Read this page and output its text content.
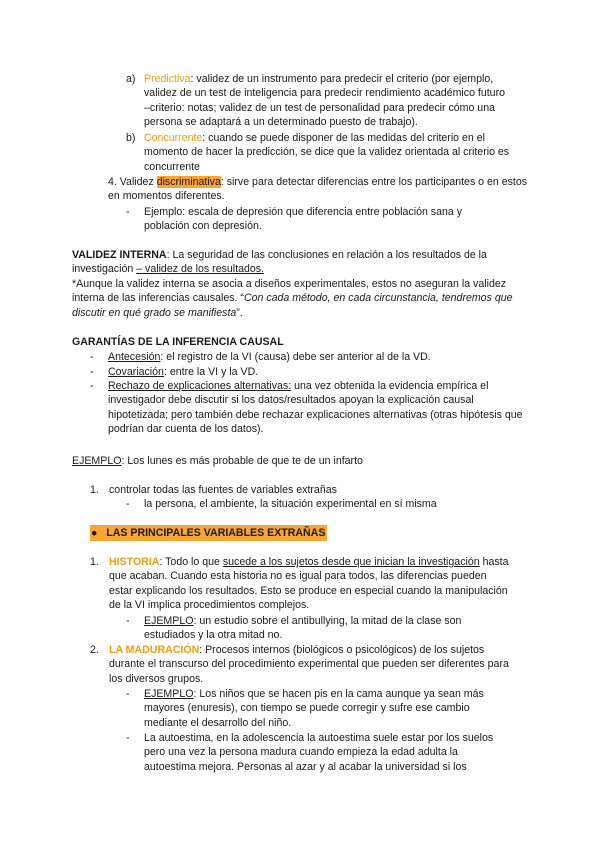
a) Predictiva: validez de un instrumento para predecir el criterio (por ejemplo, validez de un test de inteligencia para predecir rendimiento académico futuro –criterio: notas; validez de un test de personalidad para predecir cómo una persona se adaptará a un determinado puesto de trabajo).
b) Concurrente: cuando se puede disponer de las medidas del criterio en el momento de hacer la predicción, se dice que la validez orientada al criterio es concurrente
4. Validez discriminativa: sirve para detectar diferencias entre los participantes o en estos en momentos diferentes.
-	Ejemplo: escala de depresión que diferencia entre población sana y población con depresión.
VALIDEZ INTERNA: La seguridad de las conclusiones en relación a los resultados de la investigación – validez de los resultados.
*Aunque la validez interna se asocia a diseños experimentales, estos no aseguran la validez interna de las inferencias causales. “Con cada método, en cada circunstancia, tendremos que discutir en qué grado se manifiesta”.
GARANTÍAS DE LA INFERENCIA CAUSAL
-	Antecesión: el registro de la VI (causa) debe ser anterior al de la VD.
-	Covariación: entre la VI y la VD.
-	Rechazo de explicaciones alternativas: una vez obtenida la evidencia empírica el investigador debe discutir si los datos/resultados apoyan la explicación causal hipotetizada; pero también debe rechazar explicaciones alternativas (otras hipótesis que podrían dar cuenta de los datos).
EJEMPLO: Los lunes es más probable de que te de un infarto
1. controlar todas las fuentes de variables extrañas
-	la persona, el ambiente, la situación experimental en sí misma
● LAS PRINCIPALES VARIABLES EXTRAÑAS
1. HISTORIA: Todo lo que sucede a los sujetos desde que inician la investigación hasta que acaban. Cuando esta historia no es igual para todos, las diferencias pueden estar explicando los resultados. Esto se produce en especial cuando la manipulación de la VI implica procedimientos complejos.
-	EJEMPLO: un estudio sobre el antibullying, la mitad de la clase son estudiados y la otra mitad no.
2. LA MADURACIÓN: Procesos internos (biológicos o psicológicos) de los sujetos durante el transcurso del procedimiento experimental que pueden ser diferentes para los diversos grupos.
-	EJEMPLO: Los niños que se hacen pis en la cama aunque ya sean más mayores (enuresis), con tiempo se puede corregir y sufre ese cambio mediante el desarrollo del niño.
-	La autoestima, en la adolescencia la autoestima suele estar por los suelos pero una vez la persona madura cuando empieza la edad adulta la autoestima mejora. Personas al azar y al acabar la universidad si los
